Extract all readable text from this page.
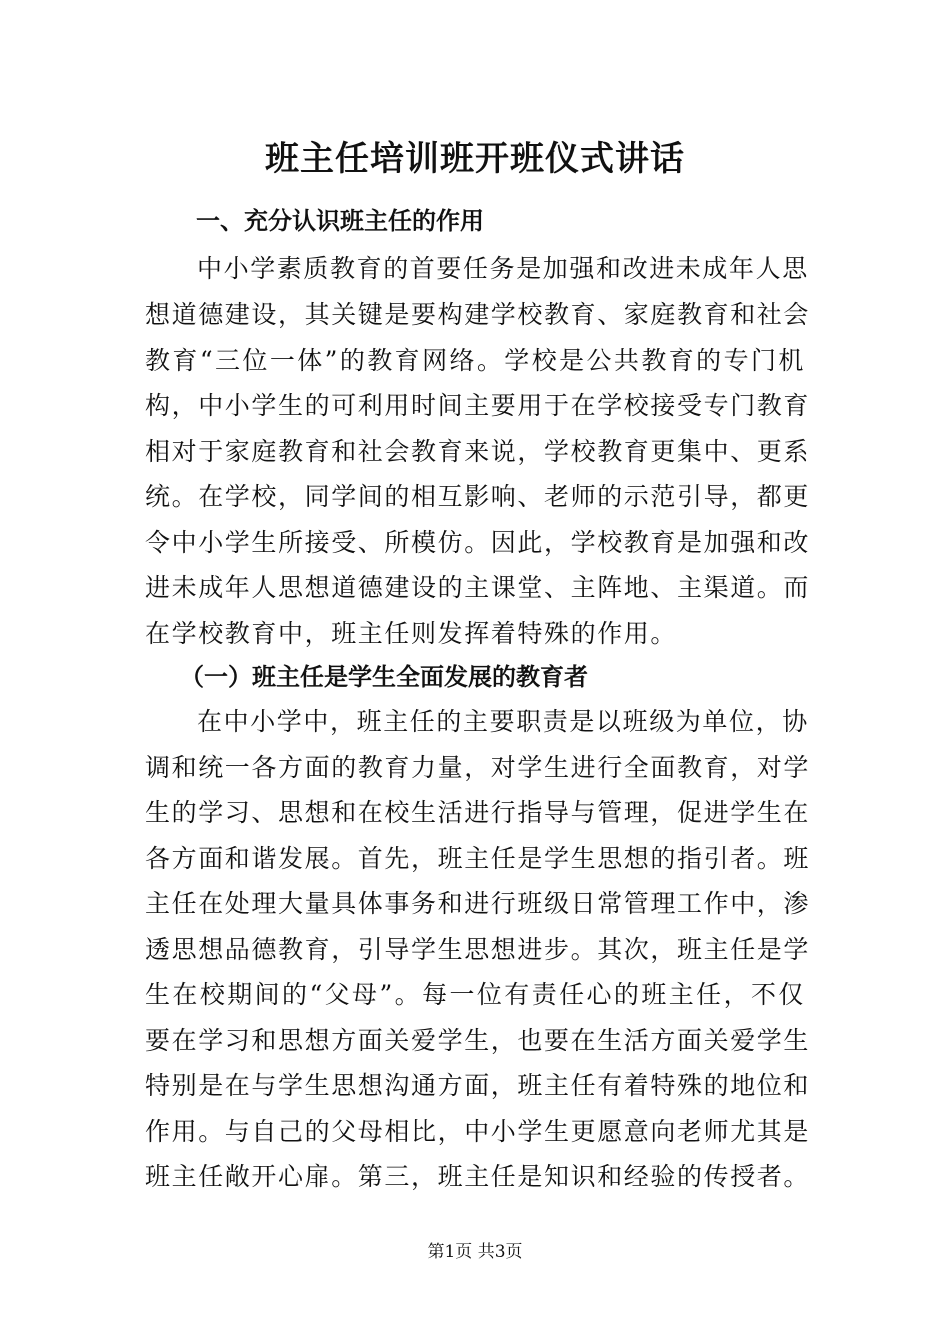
班主任培训班开班仪式讲话
一、充分认识班主任的作用

中小学素质教育的首要任务是加强和改进未成年人思

想道德建设，其关键是要构建学校教育、家庭教育和社会

教育“三位一体”的教育网络。学校是公共教育的专门机

构，中小学生的可利用时间主要用于在学校接受专门教育

相对于家庭教育和社会教育来说，学校教育更集中、更系

统。在学校，同学间的相互影响、老师的示范引导，都更

令中小学生所接受、所模仿。因此，学校教育是加强和改

进未成年人思想道德建设的主课堂、主阵地、主渠道。而

在学校教育中，班主任则发挥着特殊的作用。

（一）班主任是学生全面发展的教育者

在中小学中，班主任的主要职责是以班级为单位，协

调和统一各方面的教育力量，对学生进行全面教育，对学

生的学习、思想和在校生活进行指导与管理，促进学生在

各方面和谐发展。首先，班主任是学生思想的指引者。班

主任在处理大量具体事务和进行班级日常管理工作中，渗

透思想品德教育，引导学生思想进步。其次，班主任是学

生在校期间的“父母”。每一位有责任心的班主任，不仅

要在学习和思想方面关爱学生，也要在生活方面关爱学生

特别是在与学生思想沟通方面，班主任有着特殊的地位和

作用。与自己的父母相比，中小学生更愿意向老师尤其是

班主任敞开心扉。第三，班主任是知识和经验的传授者。

第1页 共3页
